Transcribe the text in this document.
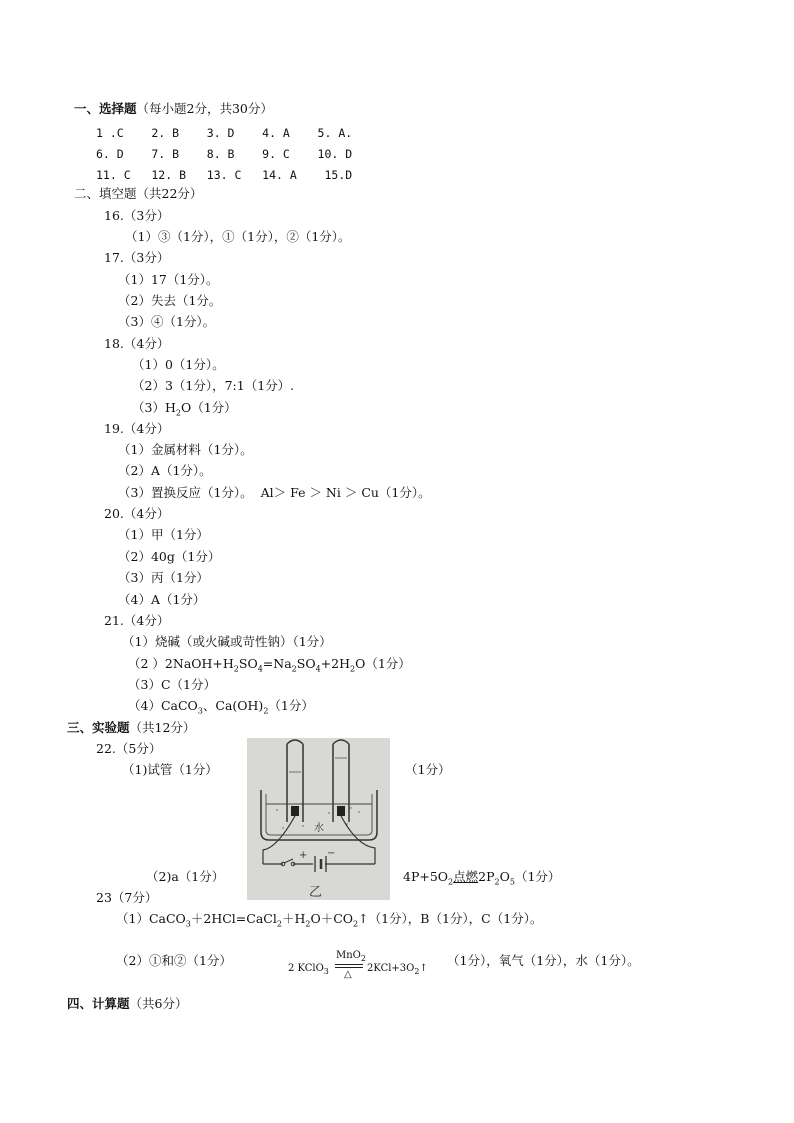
一、选择题（每小题2分，共30分）
1 .C    2. B    3. D    4. A    5. A.
6. D    7. B    8. B    9. C    10. D
11. C   12. B   13. C   14. A    15.D
二、填空题（共22分）
16.（3分）
（1）③（1分），①（1分），②（1分）。
17.（3分）
（1）17（1分）。
（2）失去（1分。
（3）④（1分）。
18.（4分）
（1）0（1分）。
（2）3（1分），7:1（1分）.
$(3)H_2O(1$分）
19.（4分）
（1）金属材料（1分）。
（2）A（1分）。
（3）置换反应（1分）。  Al＞ Fe ＞ Ni ＞ Cu（1分）。
20.（4分）
（1）甲（1分）
（2）40g（1分）
（3）丙（1分）
（4）A（1分）
21.（4分）
（1）烧碱（或火碱或苛性钠）（1分）
（2 ）$2NaOH+H_2SO_4=Na_2SO_4+2H_2O(1$分）
（3）C（1分）
（4）CaCO$_3$、$Ca(OH)_2(1$分）
三、实验题（共12分）
22.（5分）
（1)试管（1分）	（1分）
水
乙
+ −
（2)a（1分）	$4P+5O_2$点燃$2P_2O_5(1$分）
23（7分）
$(1)CaCO_3+2HCl=CaCl_2+H_2O+CO_2↑(1$分），B（1分），C（1分）。
（2）①和②（1分）
2 KClO$_3$
MnO$_2$
△
$2KCl+3O_2↑$
（1分），氧气（1分），水（1分）。
四、计算题（共6分）
